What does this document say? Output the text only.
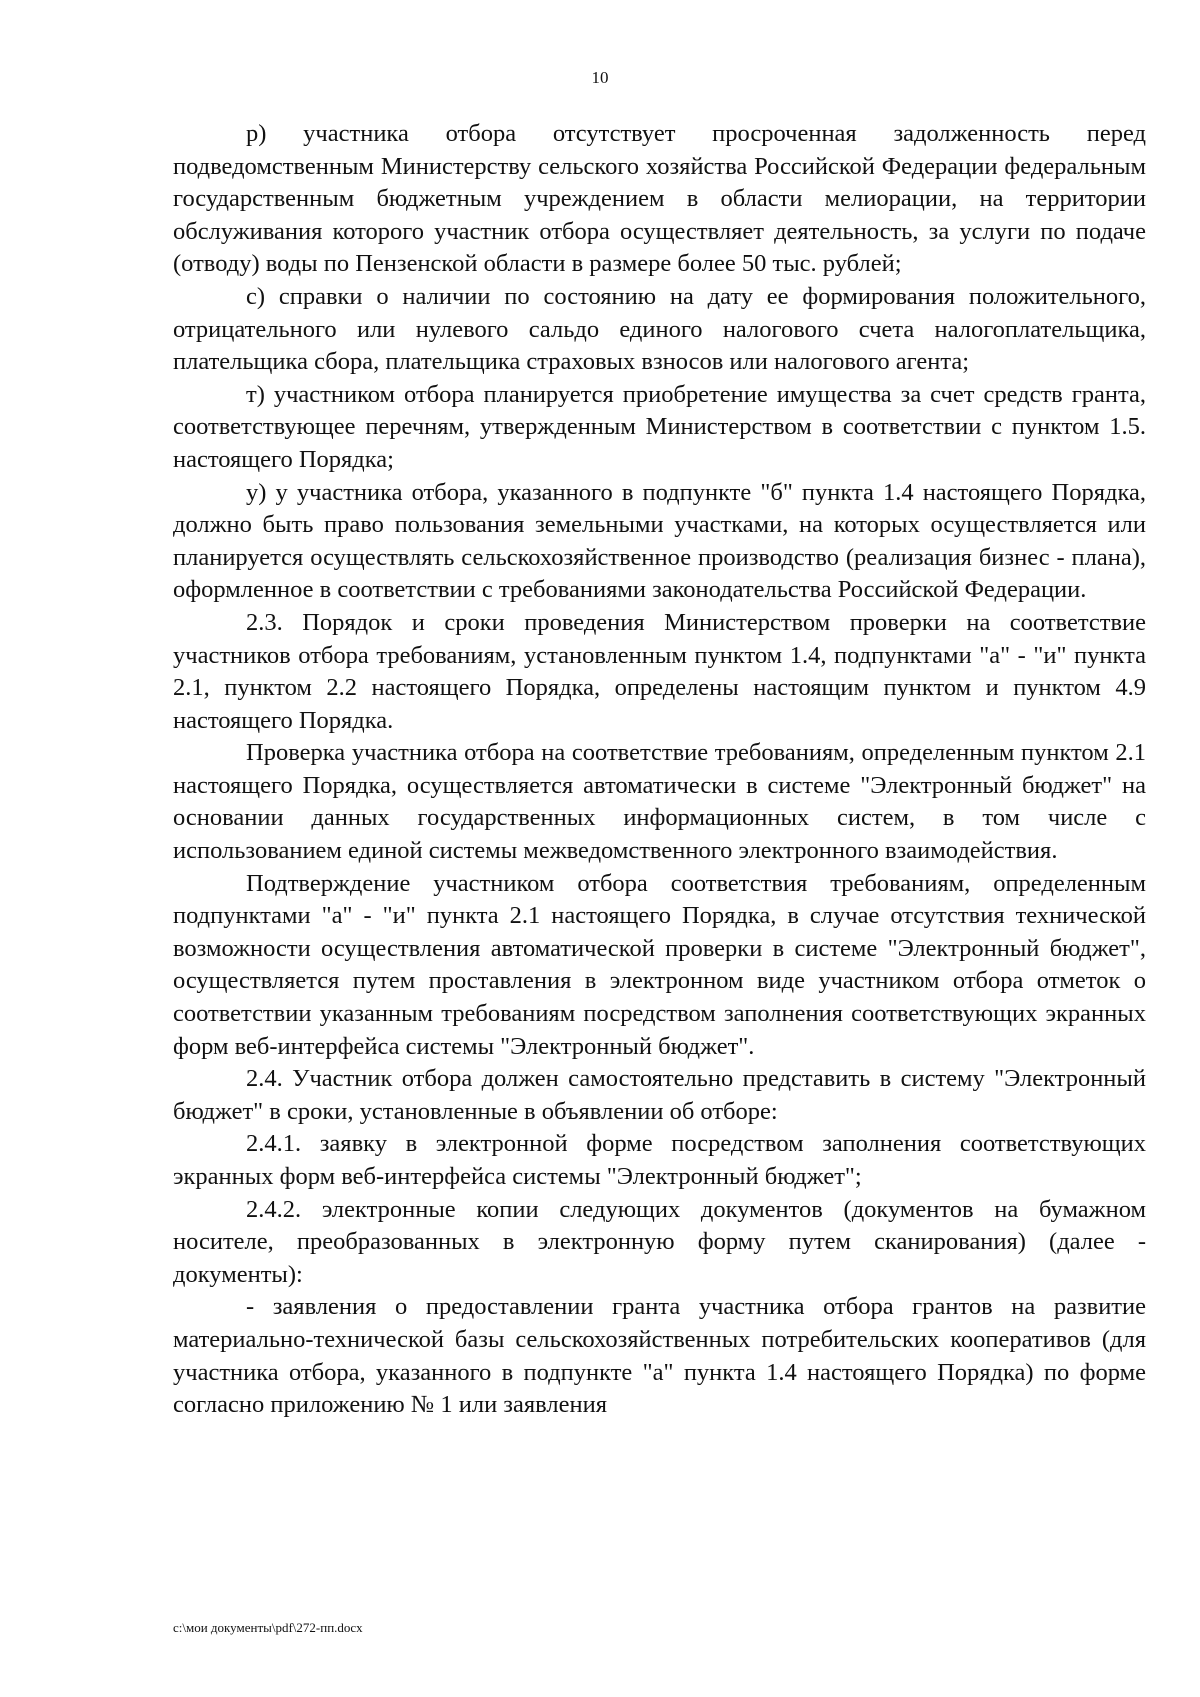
10

р) участника отбора отсутствует просроченная задолженность перед подведомственным Министерству сельского хозяйства Российской Федерации федеральным государственным бюджетным учреждением в области мелиорации, на территории обслуживания которого участник отбора осуществляет деятельность, за услуги по подаче (отводу) воды по Пензенской области в размере более 50 тыс. рублей;

с) справки о наличии по состоянию на дату ее формирования положительного, отрицательного или нулевого сальдо единого налогового счета налогоплательщика, плательщика сбора, плательщика страховых взносов или налогового агента;

т) участником отбора планируется приобретение имущества за счет средств гранта, соответствующее перечням, утвержденным Министерством в соответствии с пунктом 1.5. настоящего Порядка;

у) у участника отбора, указанного в подпункте "б" пункта 1.4 настоящего Порядка, должно быть право пользования земельными участками, на которых осуществляется или планируется осуществлять сельскохозяйственное производство (реализация бизнес - плана), оформленное в соответствии с требованиями законодательства Российской Федерации.

2.3. Порядок и сроки проведения Министерством проверки на соответствие участников отбора требованиям, установленным пунктом 1.4, подпунктами "а" - "и" пункта 2.1, пунктом 2.2 настоящего Порядка, определены настоящим пунктом и пунктом 4.9 настоящего Порядка.

Проверка участника отбора на соответствие требованиям, определенным пунктом 2.1 настоящего Порядка, осуществляется автоматически в системе "Электронный бюджет" на основании данных государственных информационных систем, в том числе с использованием единой системы межведомственного электронного взаимодействия.

Подтверждение участником отбора соответствия требованиям, определенным подпунктами "а" - "и" пункта 2.1 настоящего Порядка, в случае отсутствия технической возможности осуществления автоматической проверки в системе "Электронный бюджет", осуществляется путем проставления в электронном виде участником отбора отметок о соответствии указанным требованиям посредством заполнения соответствующих экранных форм веб-интерфейса системы "Электронный бюджет".

2.4. Участник отбора должен самостоятельно представить в систему "Электронный бюджет" в сроки, установленные в объявлении об отборе:

2.4.1. заявку в электронной форме посредством заполнения соответствующих экранных форм веб-интерфейса системы "Электронный бюджет";

2.4.2. электронные копии следующих документов (документов на бумажном носителе, преобразованных в электронную форму путем сканирования) (далее - документы):

- заявления о предоставлении гранта участника отбора грантов на развитие материально-технической базы сельскохозяйственных потребительских кооперативов (для участника отбора, указанного в подпункте "а" пункта 1.4 настоящего Порядка) по форме согласно приложению № 1 или заявления

c:\мои документы\pdf\272-пп.docx
